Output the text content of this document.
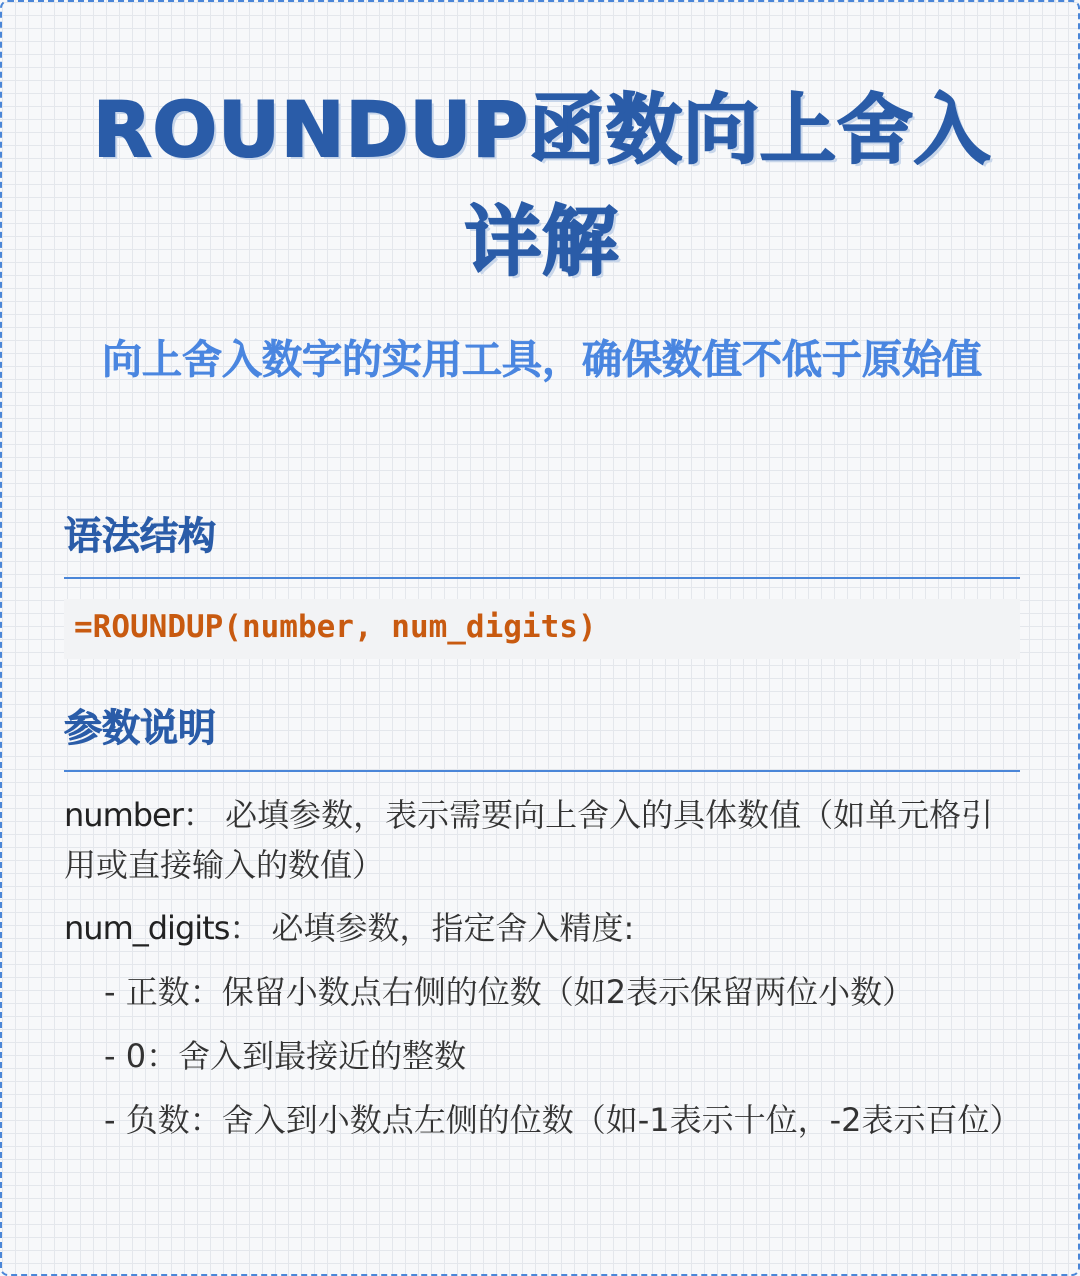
ROUNDUP函数向上舍入详解

向上舍入数字的实用工具，确保数值不低于原始值

语法结构
=ROUNDUP(number, num_digits)
参数说明
number： 必填参数，表示需要向上舍入的具体数值（如单元格引用或直接输入的数值）
num_digits： 必填参数，指定舍入精度:
- 正数：保留小数点右侧的位数（如2表示保留两位小数）
- 0：舍入到最接近的整数
- 负数：舍入到小数点左侧的位数（如-1表示十位，-2表示百位）
